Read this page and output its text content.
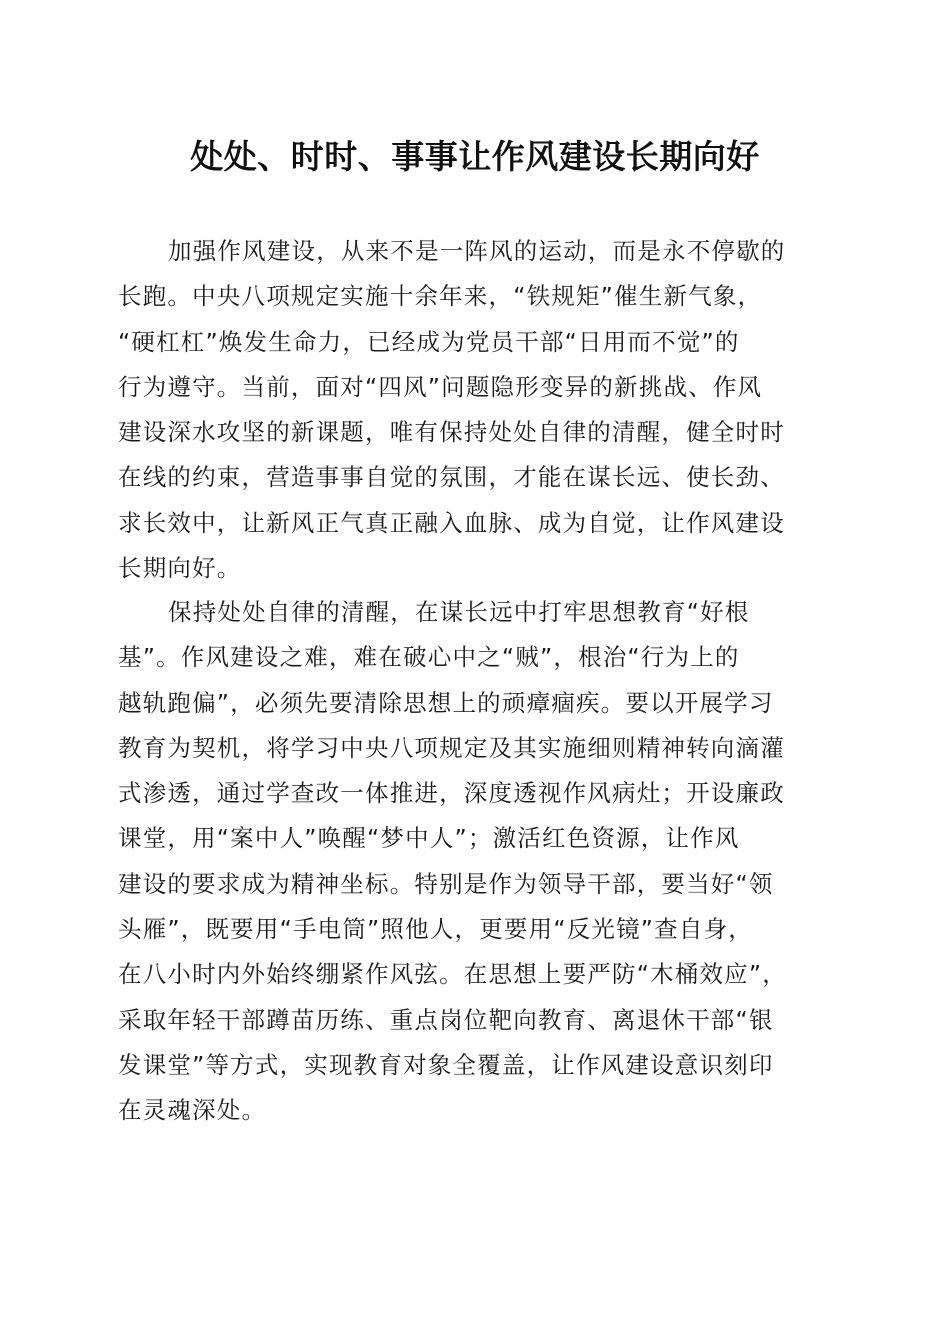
处处、时时、事事让作风建设长期向好
加强作风建设，从来不是一阵风的运动，而是永不停歇的
长跑。中央八项规定实施十余年来，“铁规矩”催生新气象，
“硬杠杠”焕发生命力，已经成为党员干部“日用而不觉”的
行为遵守。当前，面对“四风”问题隐形变异的新挑战、作风
建设深水攻坚的新课题，唯有保持处处自律的清醒，健全时时
在线的约束，营造事事自觉的氛围，才能在谋长远、使长劲、
求长效中，让新风正气真正融入血脉、成为自觉，让作风建设
长期向好。
保持处处自律的清醒，在谋长远中打牢思想教育“好根
基”。作风建设之难，难在破心中之“贼”，根治“行为上的
越轨跑偏”，必须先要清除思想上的顽瘴痼疾。要以开展学习
教育为契机，将学习中央八项规定及其实施细则精神转向滴灌
式渗透，通过学查改一体推进，深度透视作风病灶；开设廉政
课堂，用“案中人”唤醒“梦中人”；激活红色资源，让作风
建设的要求成为精神坐标。特别是作为领导干部，要当好“领
头雁”，既要用“手电筒”照他人，更要用“反光镜”查自身，
在八小时内外始终绷紧作风弦。在思想上要严防“木桶效应”，
采取年轻干部蹲苗历练、重点岗位靶向教育、离退休干部“银
发课堂”等方式，实现教育对象全覆盖，让作风建设意识刻印
在灵魂深处。
